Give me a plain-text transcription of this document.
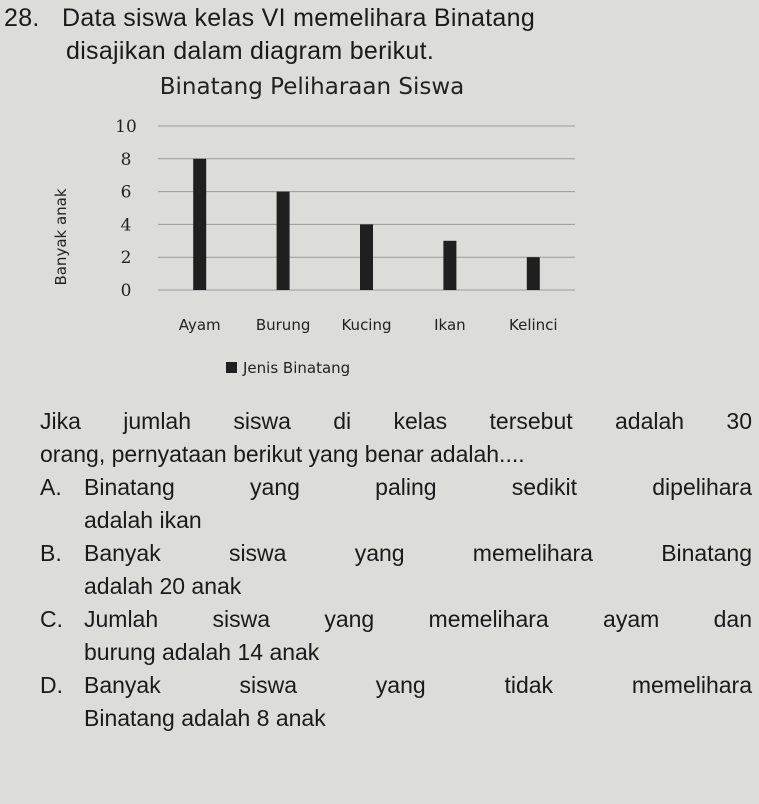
28. Data siswa kelas VI memelihara Binatang
disajikan dalam diagram berikut.
Binatang Peliharaan Siswa
0
2
4
6
8
10
Banyak anak
Ayam Burung Kucing	Ikan	Kelinci
Jenis Binatang
Jika jumlah siswa di kelas tersebut adalah 30
orang, pernyataan berikut yang benar adalah....
A. Binatang yang paling sedikit dipelihara
adalah ikan
B. Banyak siswa yang memelihara Binatang
adalah 20 anak
C. Jumlah siswa yang memelihara ayam dan
burung adalah 14 anak
D. Banyak siswa yang tidak memelihara
Binatang adalah 8 anak
